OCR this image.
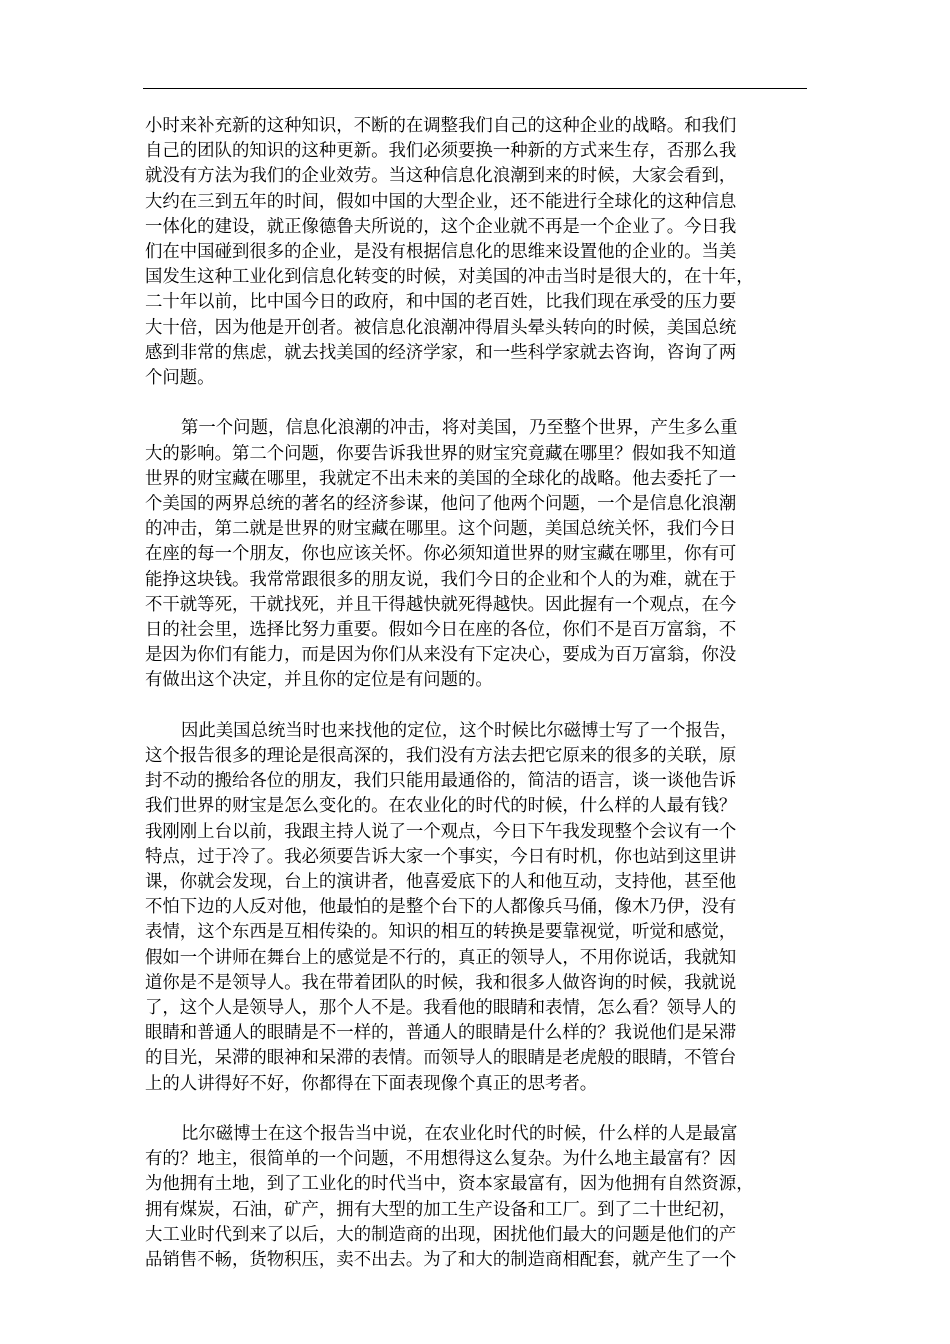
小时来补充新的这种知识，不断的在调整我们自己的这种企业的战略。和我们
自己的团队的知识的这种更新。我们必须要换一种新的方式来生存，否那么我
就没有方法为我们的企业效劳。当这种信息化浪潮到来的时候，大家会看到，
大约在三到五年的时间，假如中国的大型企业，还不能进行全球化的这种信息
一体化的建设，就正像德鲁夫所说的，这个企业就不再是一个企业了。今日我
们在中国碰到很多的企业，是没有根据信息化的思维来设置他的企业的。当美
国发生这种工业化到信息化转变的时候，对美国的冲击当时是很大的，在十年，
二十年以前，比中国今日的政府，和中国的老百姓，比我们现在承受的压力要
大十倍，因为他是开创者。被信息化浪潮冲得眉头晕头转向的时候，美国总统
感到非常的焦虑，就去找美国的经济学家，和一些科学家就去咨询，咨询了两
个问题。
第一个问题，信息化浪潮的冲击，将对美国，乃至整个世界，产生多么重
大的影响。第二个问题，你要告诉我世界的财宝究竟藏在哪里？假如我不知道
世界的财宝藏在哪里，我就定不出未来的美国的全球化的战略。他去委托了一
个美国的两界总统的著名的经济参谋，他问了他两个问题，一个是信息化浪潮
的冲击，第二就是世界的财宝藏在哪里。这个问题，美国总统关怀，我们今日
在座的每一个朋友，你也应该关怀。你必须知道世界的财宝藏在哪里，你有可
能挣这块钱。我常常跟很多的朋友说，我们今日的企业和个人的为难，就在于
不干就等死，干就找死，并且干得越快就死得越快。因此握有一个观点，在今
日的社会里，选择比努力重要。假如今日在座的各位，你们不是百万富翁，不
是因为你们有能力，而是因为你们从来没有下定决心，要成为百万富翁，你没
有做出这个决定，并且你的定位是有问题的。
因此美国总统当时也来找他的定位，这个时候比尔磁博士写了一个报告，
这个报告很多的理论是很高深的，我们没有方法去把它原来的很多的关联，原
封不动的搬给各位的朋友，我们只能用最通俗的，简洁的语言，谈一谈他告诉
我们世界的财宝是怎么变化的。在农业化的时代的时候，什么样的人最有钱？
我刚刚上台以前，我跟主持人说了一个观点，今日下午我发现整个会议有一个
特点，过于冷了。我必须要告诉大家一个事实，今日有时机，你也站到这里讲
课，你就会发现，台上的演讲者，他喜爱底下的人和他互动，支持他，甚至他
不怕下边的人反对他，他最怕的是整个台下的人都像兵马俑，像木乃伊，没有
表情，这个东西是互相传染的。知识的相互的转换是要靠视觉，听觉和感觉，
假如一个讲师在舞台上的感觉是不行的，真正的领导人，不用你说话，我就知
道你是不是领导人。我在带着团队的时候，我和很多人做咨询的时候，我就说
了，这个人是领导人，那个人不是。我看他的眼睛和表情，怎么看？领导人的
眼睛和普通人的眼睛是不一样的，普通人的眼睛是什么样的？我说他们是呆滞
的目光，呆滞的眼神和呆滞的表情。而领导人的眼睛是老虎般的眼睛，不管台
上的人讲得好不好，你都得在下面表现像个真正的思考者。
比尔磁博士在这个报告当中说，在农业化时代的时候，什么样的人是最富
有的？地主，很简单的一个问题，不用想得这么复杂。为什么地主最富有？因
为他拥有土地，到了工业化的时代当中，资本家最富有，因为他拥有自然资源，
拥有煤炭，石油，矿产，拥有大型的加工生产设备和工厂。到了二十世纪初，
大工业时代到来了以后，大的制造商的出现，困扰他们最大的问题是他们的产
品销售不畅，货物积压，卖不出去。为了和大的制造商相配套，就产生了一个
